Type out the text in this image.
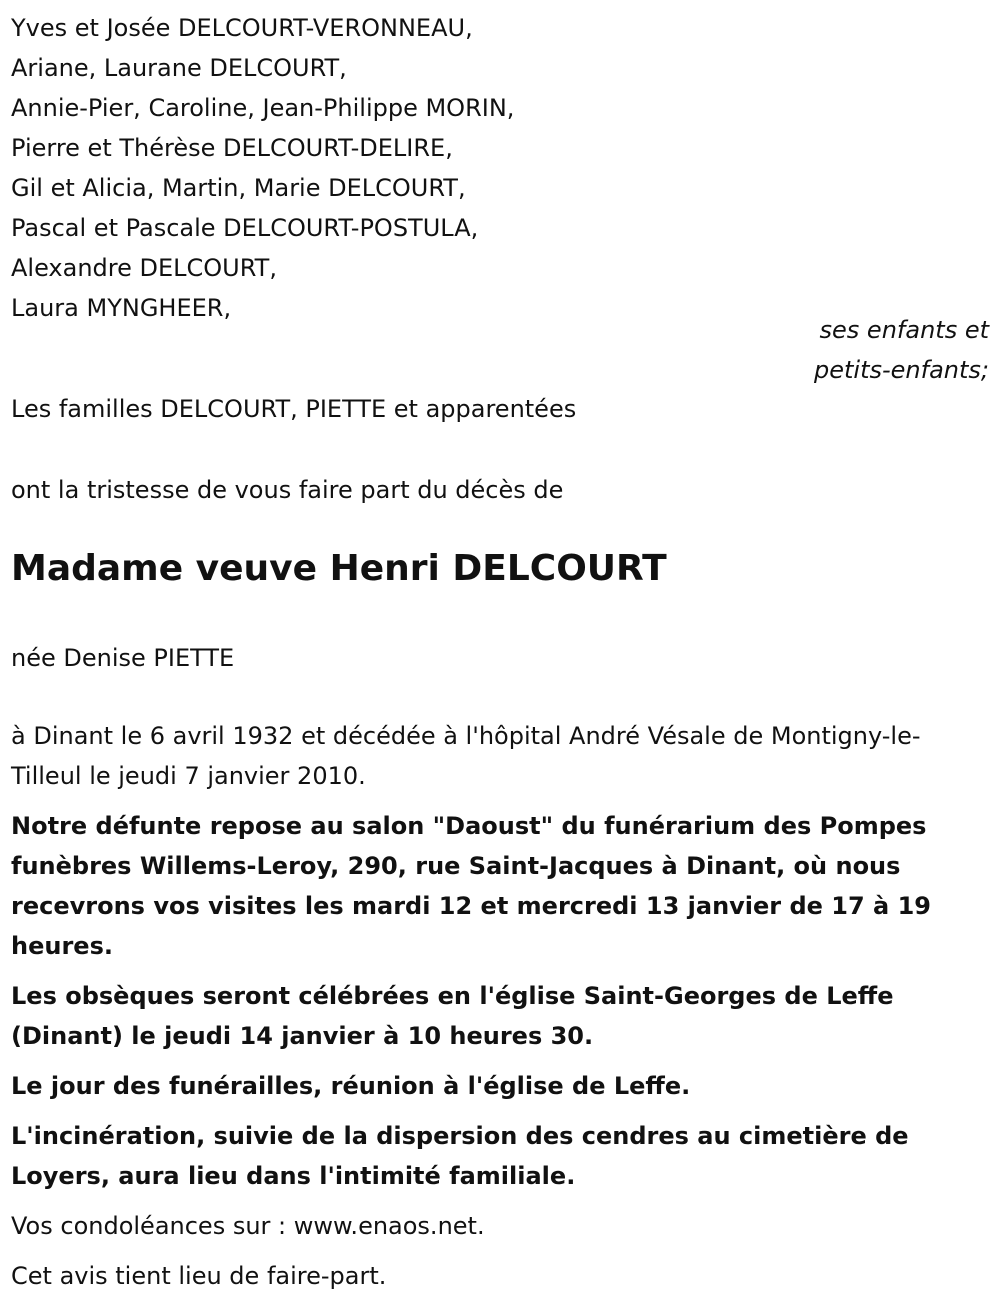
Yves et Josée DELCOURT-VERONNEAU,
Ariane, Laurane DELCOURT,
Annie-Pier, Caroline, Jean-Philippe MORIN,
Pierre et Thérèse DELCOURT-DELIRE,
Gil et Alicia, Martin, Marie DELCOURT,
Pascal et Pascale DELCOURT-POSTULA,
Alexandre DELCOURT,
Laura MYNGHEER,
ses enfants et
petits-enfants;
Les familles DELCOURT, PIETTE et apparentées
ont la tristesse de vous faire part du décès de
Madame veuve Henri DELCOURT
née Denise PIETTE
à Dinant le 6 avril 1932 et décédée à l'hôpital André Vésale de Montigny-le-Tilleul le jeudi 7 janvier 2010.

Notre défunte repose au salon "Daoust" du funérarium des Pompes funèbres Willems-Leroy, 290, rue Saint-Jacques à Dinant, où nous recevrons vos visites les mardi 12 et mercredi 13 janvier de 17 à 19 heures.

Les obsèques seront célébrées en l'église Saint-Georges de Leffe (Dinant) le jeudi 14 janvier à 10 heures 30.

Le jour des funérailles, réunion à l'église de Leffe.

L'incinération, suivie de la dispersion des cendres au cimetière de Loyers, aura lieu dans l'intimité familiale.

Vos condoléances sur : www.enaos.net.

Cet avis tient lieu de faire-part.
